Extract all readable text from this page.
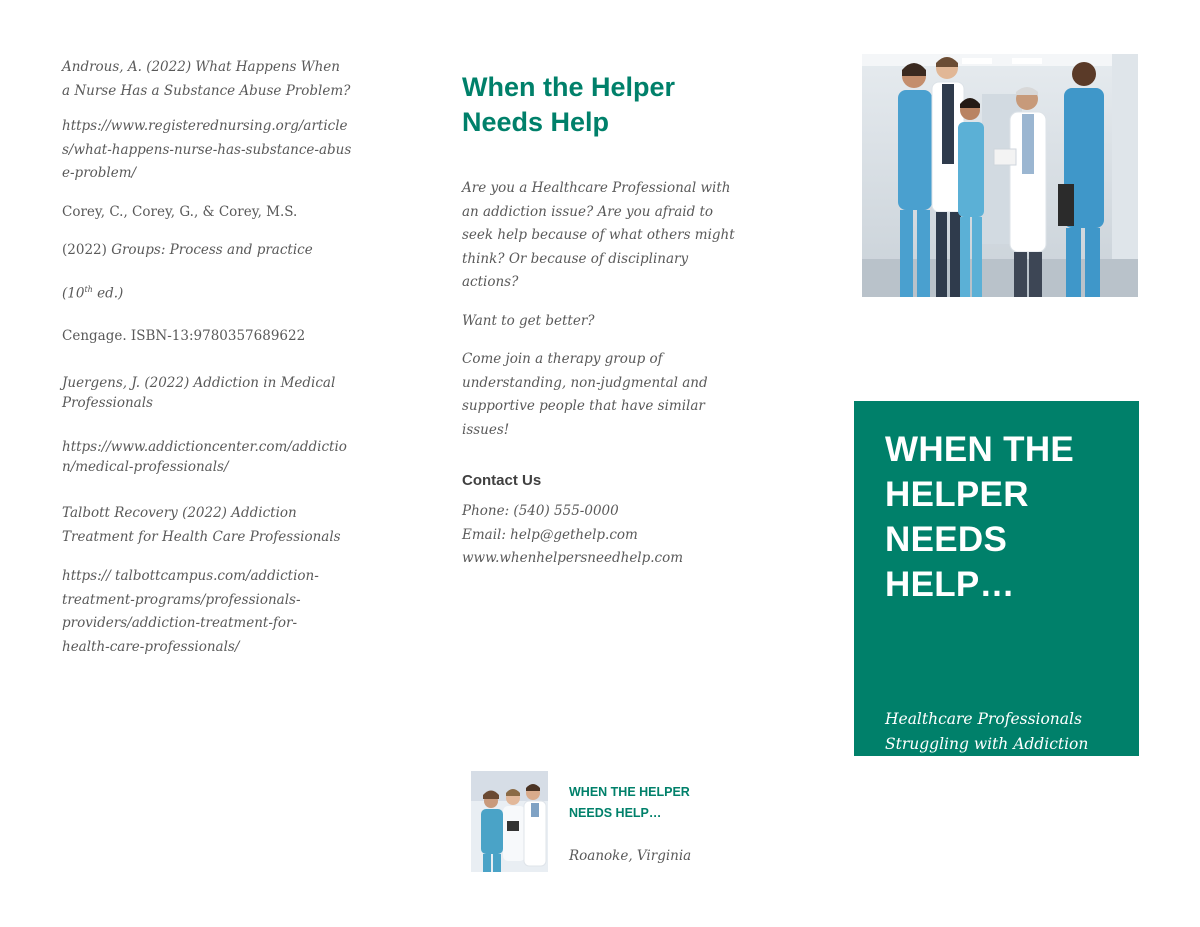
Androus, A. (2022) What Happens When a Nurse Has a Substance Abuse Problem?

https://www.registerednursing.org/articles/what-happens-nurse-has-substance-abuse-problem/

Corey, C., Corey, G., & Corey, M.S.

(2022) Groups: Process and practice

(10th ed.)

Cengage. ISBN-13:9780357689622

Juergens, J. (2022) Addiction in Medical Professionals

https://www.addictioncenter.com/addiction/medical-professionals/

Talbott Recovery (2022) Addiction Treatment for Health Care Professionals

https:// talbottcampus.com/addiction-treatment-programs/professionals-providers/addiction-treatment-for-health-care-professionals/

When the Helper Needs Help

Are you a Healthcare Professional with an addiction issue? Are you afraid to seek help because of what others might think? Or because of disciplinary actions?

Want to get better?

Come join a therapy group of understanding, non-judgmental and supportive people that have similar issues!

Contact Us

Phone: (540) 555-0000

Email: help@gethelp.com

www.whenhelpersneedhelp.com

WHEN THE HELPER NEEDS HELP…
Roanoke, Virginia
WHEN THE HELPER NEEDS HELP…
Healthcare Professionals Struggling with Addiction
